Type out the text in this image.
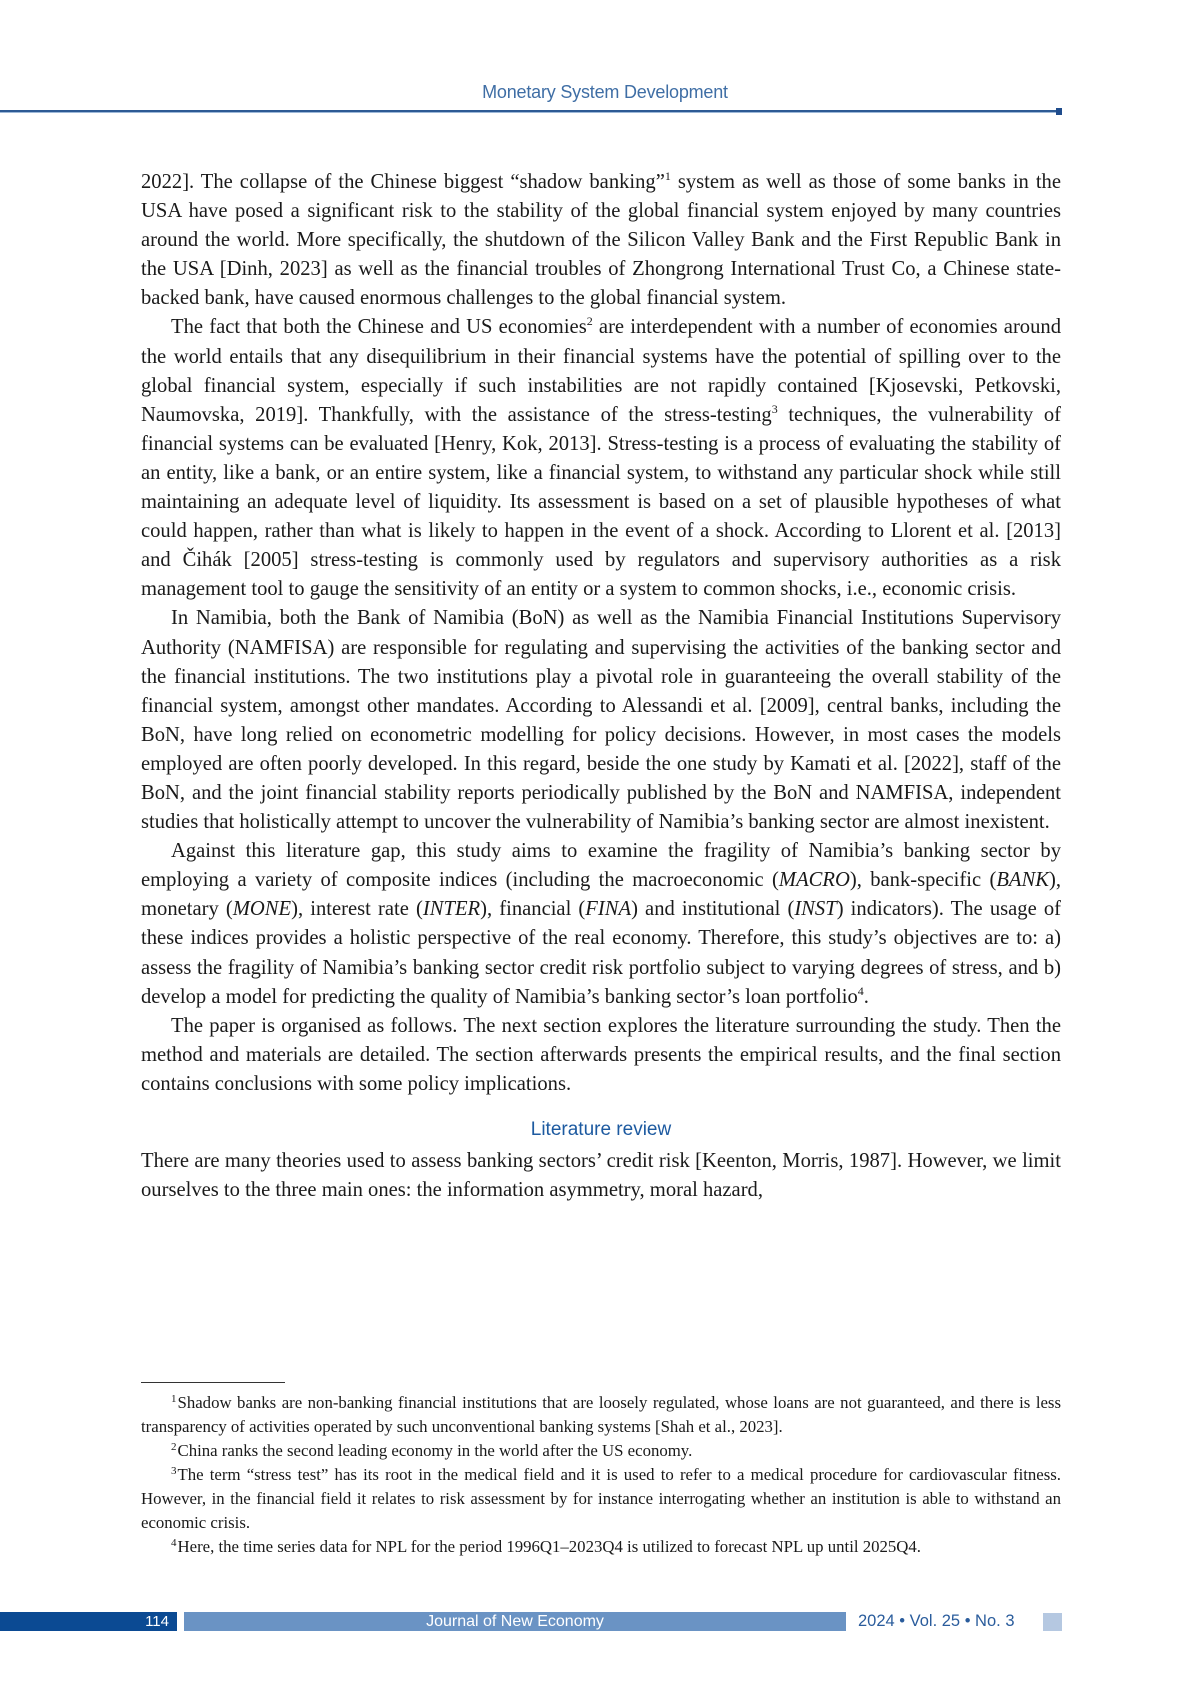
Monetary System Development

2022]. The collapse of the Chinese biggest “shadow banking”$^1$ system as well as those of some banks in the USA have posed a significant risk to the stability of the global financial system enjoyed by many countries around the world. More specifically, the shutdown of the Silicon Valley Bank and the First Republic Bank in the USA [Dinh, 2023] as well as the financial troubles of Zhongrong International Trust Co, a Chinese state-backed bank, have caused enormous challenges to the global financial system.

The fact that both the Chinese and US economies$^2$ are interdependent with a number of economies around the world entails that any disequilibrium in their financial systems have the potential of spilling over to the global financial system, especially if such instabilities are not rapidly contained [Kjosevski, Petkovski, Naumovska, 2019]. Thankfully, with the assistance of the stress-testing$^3$ techniques, the vulnerability of financial systems can be evaluated [Henry, Kok, 2013]. Stress-testing is a process of evaluating the stability of an entity, like a bank, or an entire system, like a financial system, to withstand any particular shock while still maintaining an adequate level of liquidity. Its assessment is based on a set of plausible hypotheses of what could happen, rather than what is likely to happen in the event of a shock. According to Llorent et al. [2013] and Čihák [2005] stress-testing is commonly used by regulators and supervisory authorities as a risk management tool to gauge the sensitivity of an entity or a system to common shocks, i.e., economic crisis.

In Namibia, both the Bank of Namibia (BoN) as well as the Namibia Financial Institutions Supervisory Authority (NAMFISA) are responsible for regulating and supervising the activities of the banking sector and the financial institutions. The two institutions play a pivotal role in guaranteeing the overall stability of the financial system, amongst other mandates. According to Alessandi et al. [2009], central banks, including the BoN, have long relied on econometric modelling for policy decisions. However, in most cases the models employed are often poorly developed. In this regard, beside the one study by Kamati et al. [2022], staff of the BoN, and the joint financial stability reports periodically published by the BoN and NAMFISA, independent studies that holistically attempt to uncover the vulnerability of Namibia’s banking sector are almost inexistent.

Against this literature gap, this study aims to examine the fragility of Namibia’s banking sector by employing a variety of composite indices (including the macroeconomic (MACRO), bank-specific (BANK), monetary (MONE), interest rate (INTER), financial (FINA) and institutional (INST) indicators). The usage of these indices provides a holistic perspective of the real economy. Therefore, this study’s objectives are to: a) assess the fragility of Namibia’s banking sector credit risk portfolio subject to varying degrees of stress, and b) develop a model for predicting the quality of Namibia’s banking sector’s loan portfolio$^4$.

The paper is organised as follows. The next section explores the literature surrounding the study. Then the method and materials are detailed. The section afterwards presents the empirical results, and the final section contains conclusions with some policy implications.

Literature review

There are many theories used to assess banking sectors’ credit risk [Keenton, Morris, 1987]. However, we limit ourselves to the three main ones: the information asymmetry, moral hazard,

$^1$Shadow banks are non-banking financial institutions that are loosely regulated, whose loans are not guaranteed, and there is less transparency of activities operated by such unconventional banking systems [Shah et al., 2023].

$^2$China ranks the second leading economy in the world after the US economy.

$^3$The term “stress test” has its root in the medical field and it is used to refer to a medical procedure for cardiovascular fitness. However, in the financial field it relates to risk assessment by for instance interrogating whether an institution is able to withstand an economic crisis.

$^4$Here, the time series data for NPL for the period 1996Q1–2023Q4 is utilized to forecast NPL up until 2025Q4.

114	Journal of New Economy	2024 • Vol. 25 • No. 3
